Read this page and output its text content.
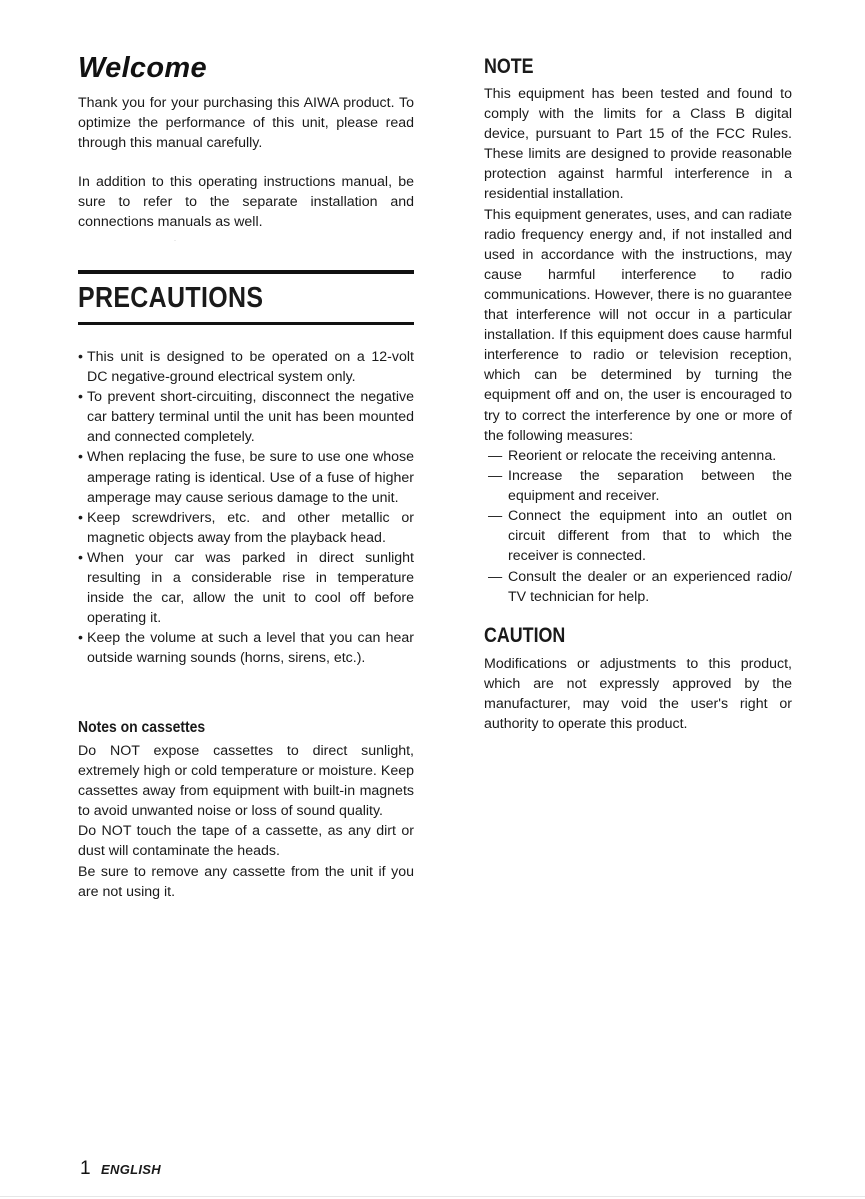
Welcome

Thank you for your purchasing this AIWA product. To optimize the performance of this unit, please read through this manual carefully.

In addition to this operating instructions manual, be sure to refer to the separate installation and connections manuals as well.

·
PRECAUTIONS
• This unit is designed to be operated on a 12-volt DC negative-ground electrical system only.
• To prevent short-circuiting, disconnect the negative car battery terminal until the unit has been mounted and connected completely.
• When replacing the fuse, be sure to use one whose amperage rating is identical. Use of a fuse of higher amperage may cause serious damage to the unit.
• Keep screwdrivers, etc. and other metallic or magnetic objects away from the playback head.
• When your car was parked in direct sunlight resulting in a considerable rise in temperature inside the car, allow the unit to cool off before operating it.
• Keep the volume at such a level that you can hear outside warning sounds (horns, sirens, etc.).
Notes on cassettes

Do NOT expose cassettes to direct sunlight, extremely high or cold temperature or moisture. Keep cassettes away from equipment with built-in magnets to avoid unwanted noise or loss of sound quality.

Do NOT touch the tape of a cassette, as any dirt or dust will contaminate the heads.

Be sure to remove any cassette from the unit if you are not using it.

NOTE

This equipment has been tested and found to comply with the limits for a Class B digital device, pursuant to Part 15 of the FCC Rules. These limits are designed to provide reasonable protection against harmful interference in a residential installation.

This equipment generates, uses, and can radiate radio frequency energy and, if not installed and used in accordance with the instructions, may cause harmful interference to radio communications. However, there is no guarantee that interference will not occur in a particular installation. If this equipment does cause harmful interference to radio or television reception, which can be determined by turning the equipment off and on, the user is encouraged to try to correct the interference by one or more of the following measures:

— Reorient or relocate the receiving antenna.
— Increase the separation between the equipment and receiver.
— Connect the equipment into an outlet on circuit different from that to which the receiver is connected.
— Consult the dealer or an experienced radio/ TV technician for help.
CAUTION

Modifications or adjustments to this product, which are not expressly approved by the manufacturer, may void the user's right or authority to operate this product.

1 ENGLISH
